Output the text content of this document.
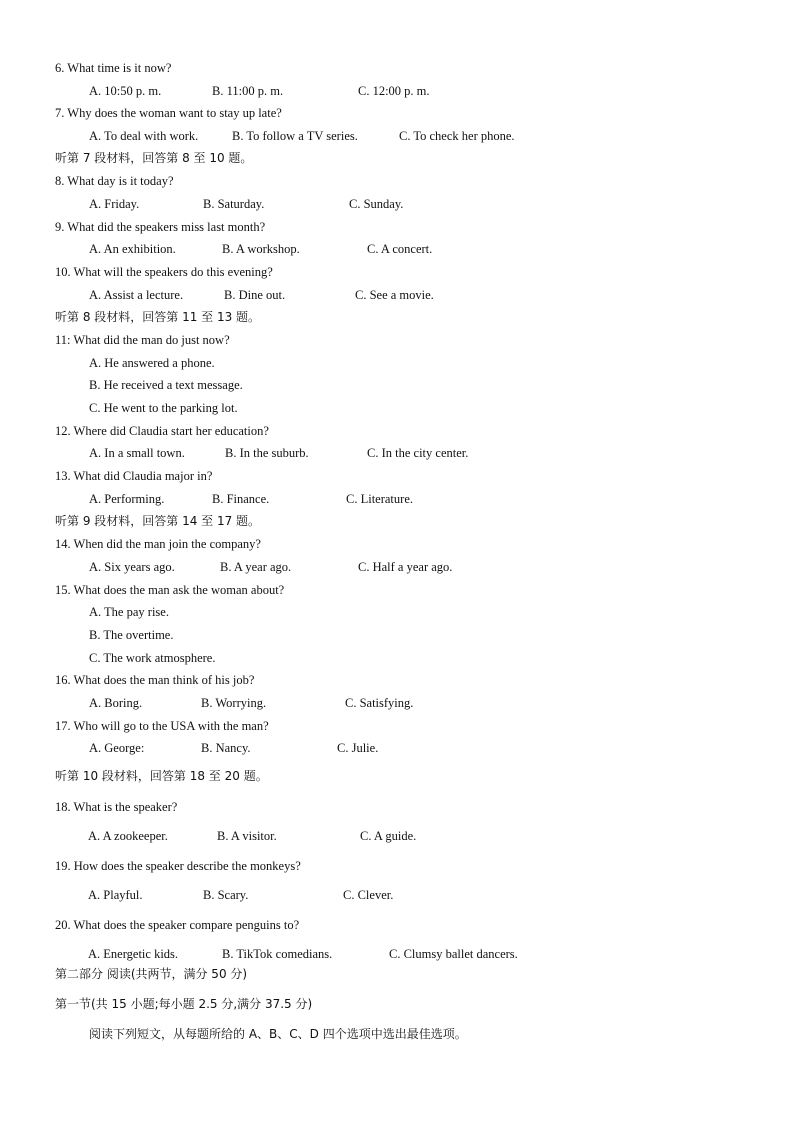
6. What time is it now?
A. 10:50 p. m.	B. 11:00 p. m.	C. 12:00 p. m.
7. Why does the woman want to stay up late?
A. To deal with work.	B. To follow a TV series.	C. To check her phone.
听第 7 段材料，回答第 8 至 10 题。
8. What day is it today?
A. Friday.	B. Saturday.	C. Sunday.
9. What did the speakers miss last month?
A. An exhibition.	B. A workshop.	C. A concert.
10. What will the speakers do this evening?
A. Assist a lecture.	B. Dine out.	C. See a movie.
听第 8 段材料，回答第 11 至 13 题。
11: What did the man do just now?
A. He answered a phone.
B. He received a text message.
C. He went to the parking lot.
12. Where did Claudia start her education?
A. In a small town.	B. In the suburb.	C. In the city center.
13. What did Claudia major in?
A. Performing.	B. Finance.	C. Literature.
听第 9 段材料，回答第 14 至 17 题。
14. When did the man join the company?
A. Six years ago.	B. A year ago.	C. Half a year ago.
15. What does the man ask the woman about?
A. The pay rise.
B. The overtime.
C. The work atmosphere.
16. What does the man think of his job?
A. Boring.	B. Worrying.	C. Satisfying.
17. Who will go to the USA with the man?
A. George:	B. Nancy.	C. Julie.
听第 10 段材料，回答第 18 至 20 题。
18. What is the speaker?
A. A zookeeper.	B. A visitor.	C. A guide.
19. How does the speaker describe the monkeys?
A. Playful.	B. Scary.	C. Clever.
20. What does the speaker compare penguins to?
A. Energetic kids.	B. TikTok comedians.	C. Clumsy ballet dancers.
第二部分 阅读(共两节，满分 50 分)
第一节(共 15 小题;每小题 2.5 分,满分 37.5 分)
阅读下列短文，从每题所给的 A、B、C、D 四个选项中选出最佳选项。
